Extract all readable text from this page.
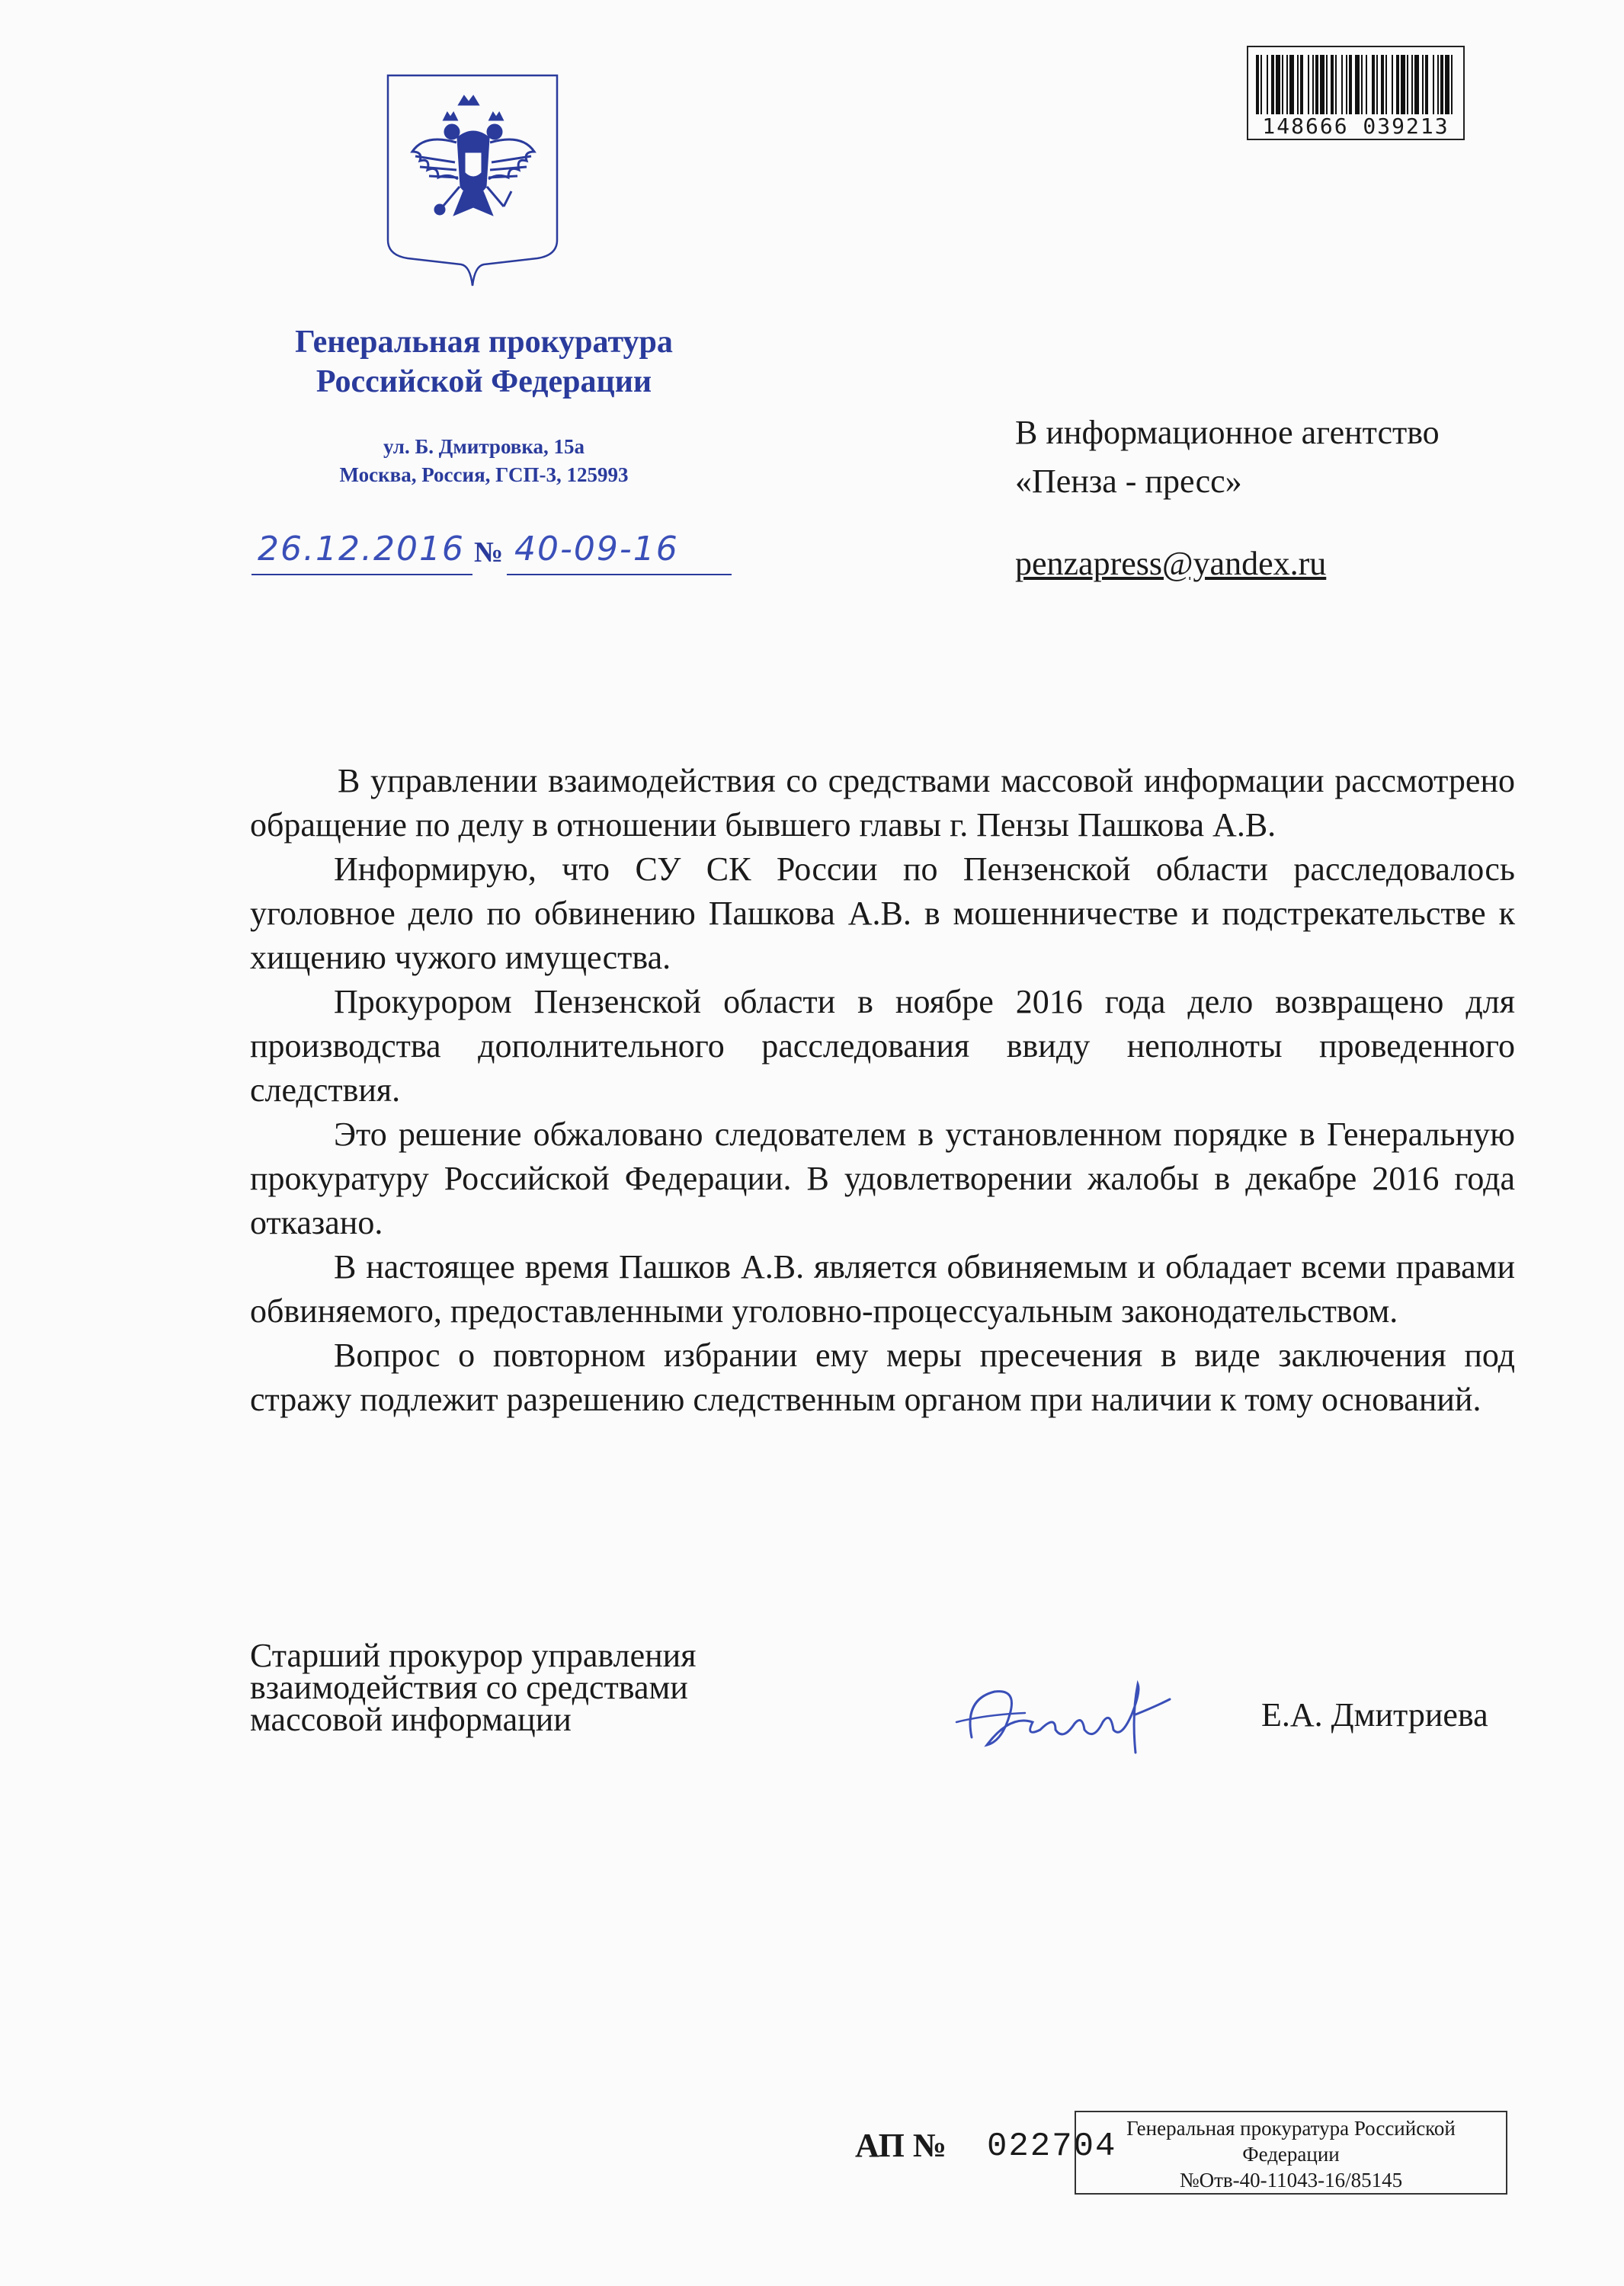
Генеральная прокуратура
Российской Федерации
ул. Б. Дмитровка, 15а
Москва, Россия, ГСП-3, 125993
26.12.2016 № 40-09-16
148666 039213
В информационное агентство
«Пенза - пресс»
penzapress@yandex.ru

В управлении взаимодействия со средствами массовой информации рассмотрено обращение по делу в отношении бывшего главы г. Пензы Пашкова А.В.

Информирую, что СУ СК России по Пензенской области расследовалось уголовное дело по обвинению Пашкова А.В. в мошенничестве и подстрекательстве к хищению чужого имущества.

Прокурором Пензенской области в ноябре 2016 года дело возвращено для производства дополнительного расследования ввиду неполноты проведенного следствия.

Это решение обжаловано следователем в установленном порядке в Генеральную прокуратуру Российской Федерации. В удовлетворении жалобы в декабре 2016 года отказано.

В настоящее время Пашков А.В. является обвиняемым и обладает всеми правами обвиняемого, предоставленными уголовно-процессуальным законодательством.

Вопрос о повторном избрании ему меры пресечения в виде заключения под стражу подлежит разрешению следственным органом при наличии к тому оснований.

Старший прокурор управления
взаимодействия со средствами
массовой информации	Е.А. Дмитриева
АП № 022704 Генеральная прокуратура Российской
Федерации
№Отв-40-11043-16/85145
